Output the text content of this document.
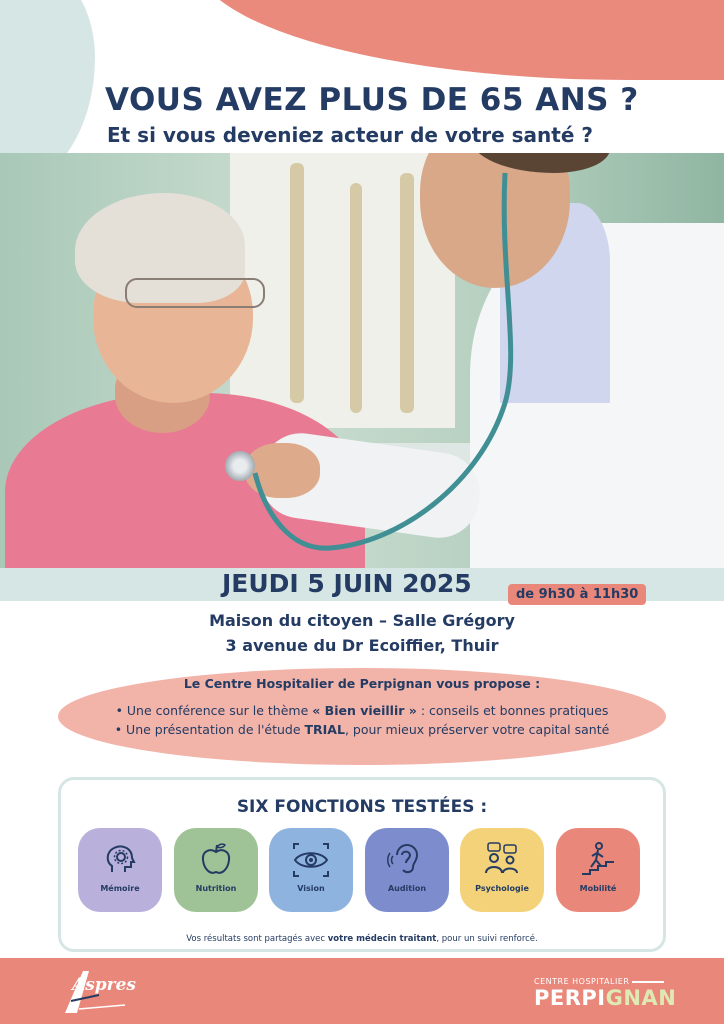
VOUS AVEZ PLUS DE 65 ANS ?
Et si vous deveniez acteur de votre santé ?
JEUDI 5 JUIN 2025	de 9h30 à 11h30
Maison du citoyen – Salle Grégory
3 avenue du Dr Ecoiffier, Thuir
Le Centre Hospitalier de Perpignan vous propose :
• Une conférence sur le thème « Bien vieillir » : conseils et bonnes pratiques
• Une présentation de l'étude TRIAL, pour mieux préserver votre capital santé
SIX FONCTIONS TESTÉES :
Mémoire	Nutrition	Vision	Audition	Psychologie	Mobilité
Vos résultats sont partagés avec votre médecin traitant, pour un suivi renforcé.
Aspres	CENTRE HOSPITALIER
PERPIGNAN
